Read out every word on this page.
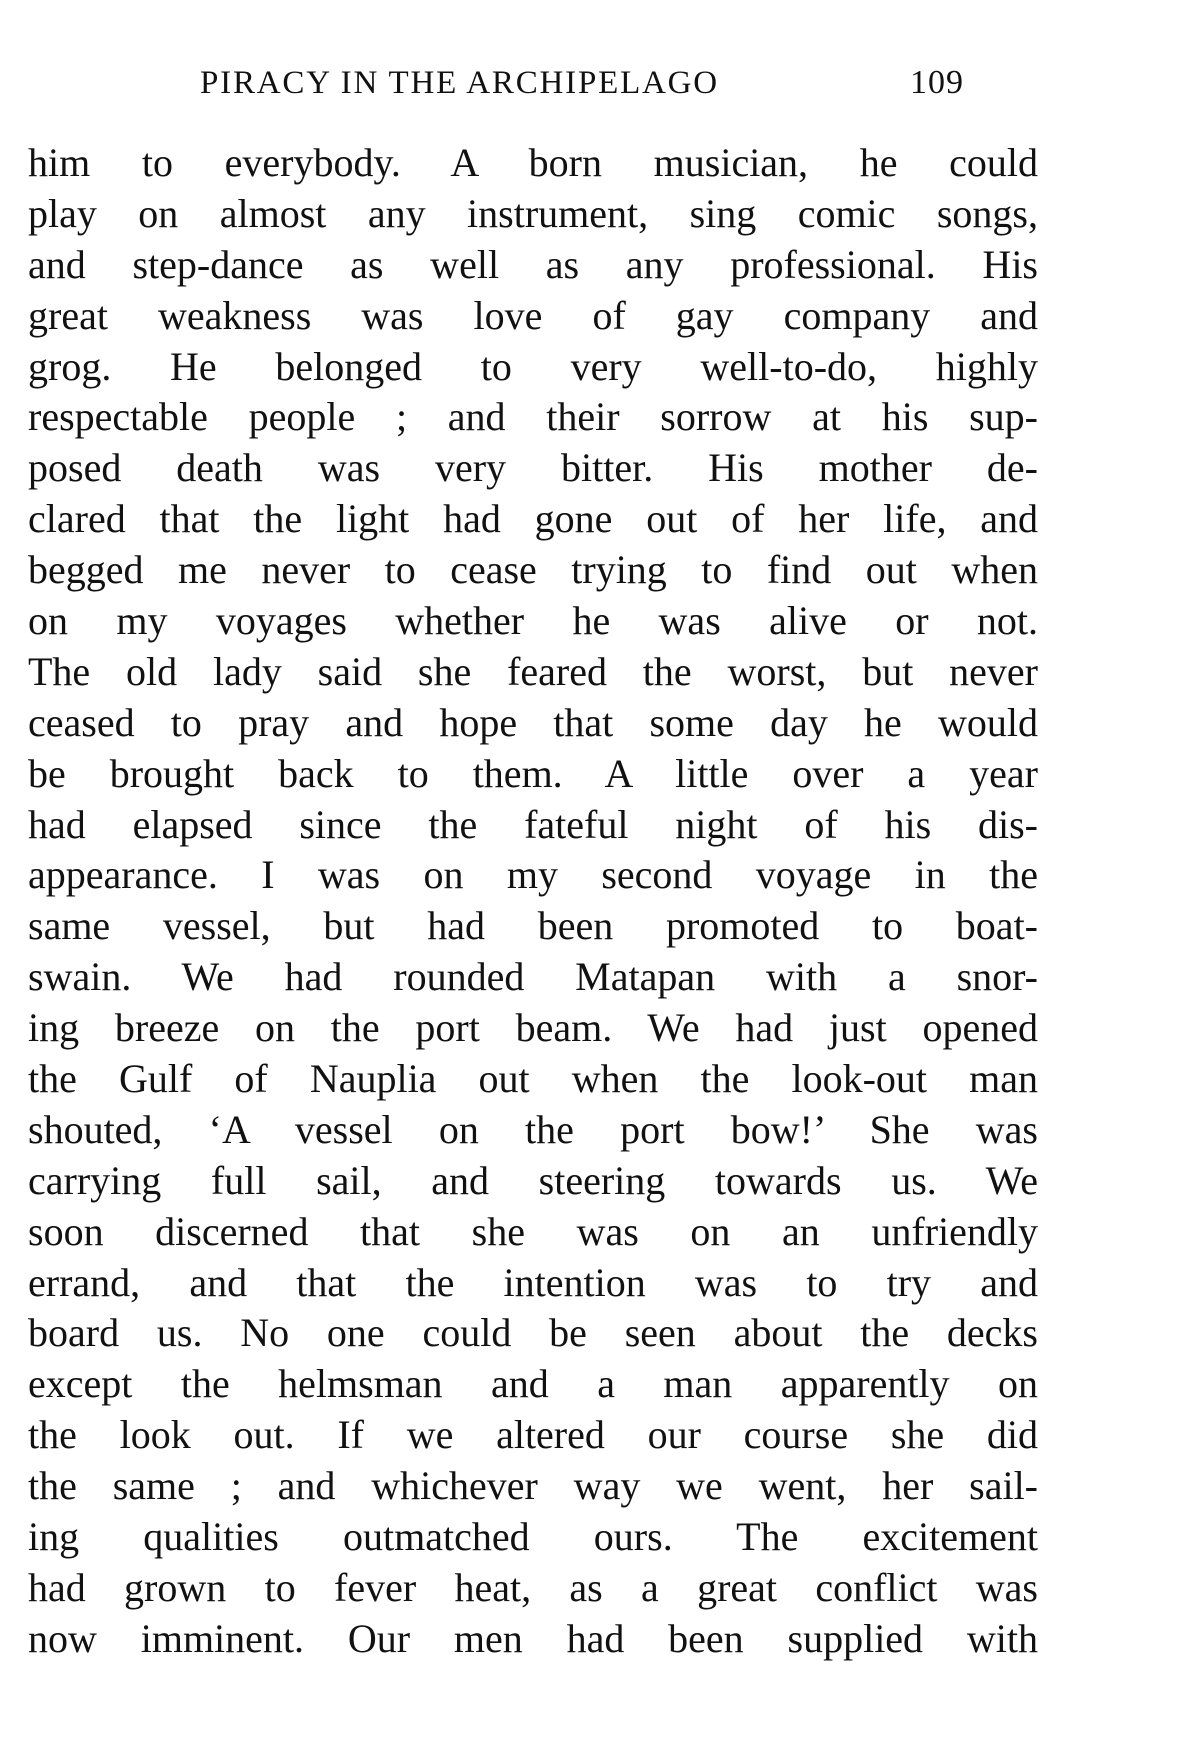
PIRACY IN THE ARCHIPELAGO	109
him to everybody. A born musician, he could
play on almost any instrument, sing comic songs,
and step-dance as well as any professional. His
great weakness was love of gay company and
grog. He belonged to very well-to-do, highly
respectable people ; and their sorrow at his sup-
posed death was very bitter. His mother de-
clared that the light had gone out of her life, and
begged me never to cease trying to find out when
on my voyages whether he was alive or not.
The old lady said she feared the worst, but never
ceased to pray and hope that some day he would
be brought back to them. A little over a year
had elapsed since the fateful night of his dis-
appearance. I was on my second voyage in the
same vessel, but had been promoted to boat-
swain. We had rounded Matapan with a snor-
ing breeze on the port beam. We had just opened
the Gulf of Nauplia out when the look-out man
shouted, ‘A vessel on the port bow!’ She was
carrying full sail, and steering towards us. We
soon discerned that she was on an unfriendly
errand, and that the intention was to try and
board us. No one could be seen about the decks
except the helmsman and a man apparently on
the look out. If we altered our course she did
the same ; and whichever way we went, her sail-
ing qualities outmatched ours. The excitement
had grown to fever heat, as a great conflict was
now imminent. Our men had been supplied with
